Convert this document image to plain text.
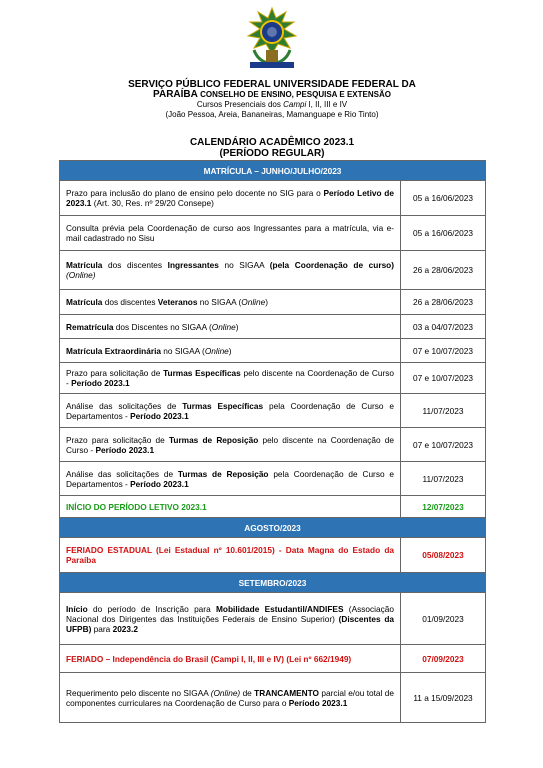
SERVIÇO PÚBLICO FEDERAL UNIVERSIDADE FEDERAL DA
PARAÍBA CONSELHO DE ENSINO, PESQUISA E EXTENSÃO
Cursos Presenciais dos Campi I, II, III e IV
(João Pessoa, Areia, Bananeiras, Mamanguape e Rio Tinto)
CALENDÁRIO ACADÊMICO 2023.1
(PERÍODO REGULAR)
MATRÍCULA – JUNHO/JULHO/2023	
Prazo para inclusão do plano de ensino pelo docente no SIG para o Período Letivo de 2023.1 (Art. 30, Res. nº 29/20 Consepe)	05 a 16/06/2023
Consulta prévia pela Coordenação de curso aos Ingressantes para a matrícula, via e-mail cadastrado no Sisu	05 a 16/06/2023
Matrícula dos discentes Ingressantes no SIGAA (pela Coordenação de curso) (Online)	26 a 28/06/2023
Matrícula dos discentes Veteranos no SIGAA (Online)	26 a 28/06/2023
Rematrícula dos Discentes no SIGAA (Online)	03 a 04/07/2023
Matrícula Extraordinária no SIGAA (Online)	07 e 10/07/2023
Prazo para solicitação de Turmas Específicas pelo discente na Coordenação de Curso - Período 2023.1	07 e 10/07/2023
Análise das solicitações de Turmas Específicas pela Coordenação de Curso e Departamentos - Período 2023.1	11/07/2023
Prazo para solicitação de Turmas de Reposição pelo discente na Coordenação de Curso - Período 2023.1	07 e 10/07/2023
Análise das solicitações de Turmas de Reposição pela Coordenação de Curso e Departamentos - Período 2023.1	11/07/2023
INÍCIO DO PERÍODO LETIVO 2023.1	12/07/2023
AGOSTO/2023	
FERIADO ESTADUAL (Lei Estadual nº 10.601/2015) - Data Magna do Estado da Paraíba	05/08/2023
SETEMBRO/2023	
Início do período de Inscrição para Mobilidade Estudantil/ANDIFES (Associação Nacional dos Dirigentes das Instituições Federais de Ensino Superior) (Discentes da UFPB) para 2023.2	01/09/2023
FERIADO – Independência do Brasil (Campi I, II, III e IV) (Lei nº 662/1949)	07/09/2023
Requerimento pelo discente no SIGAA (Online) de TRANCAMENTO parcial e/ou total de componentes curriculares na Coordenação de Curso para o Período 2023.1	11 a 15/09/2023
